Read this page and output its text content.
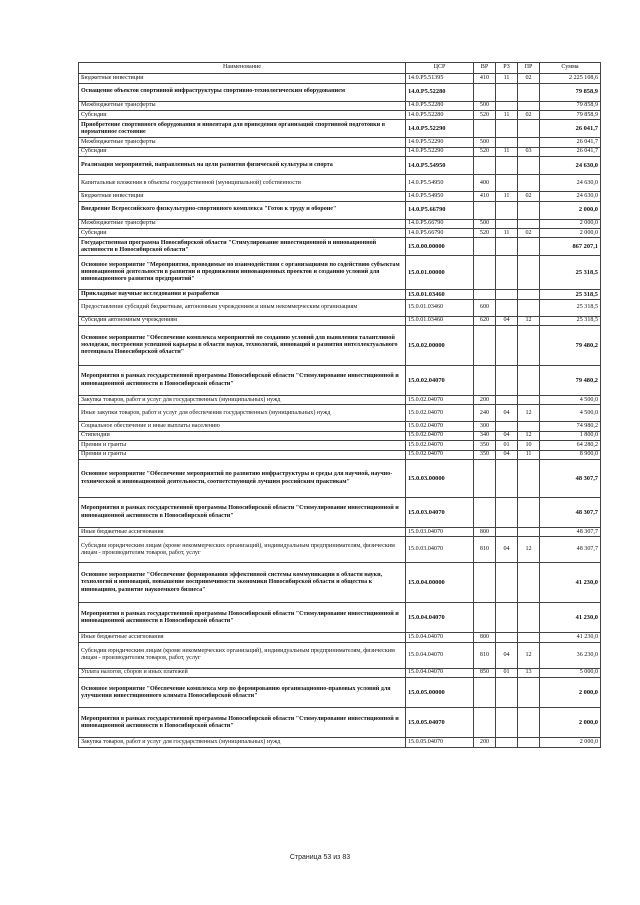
Наименование	ЦСР	ВР	РЗ	ПР	Сумма
Бюджетные инвестиции	14.0.P5.51395	410	11	02	2 225 108,6
Оснащение объектов спортивной инфраструктуры спортивно-технологическим оборудованием	14.0.P5.52280				79 858,9
Межбюджетные трансферты	14.0.P5.52280	500			79 858,9
Субсидии	14.0.P5.52280	520	11	02	79 858,9
Приобретение спортивного оборудования и инвентаря для приведения организаций спортивной подготовки в нормативное состояние	14.0.P5.52290				26 041,7
Межбюджетные трансферты	14.0.P5.52290	500			26 041,7
Субсидии	14.0.P5.52290	520	11	03	26 041,7
Реализация мероприятий, направленных на цели развития физической культуры и спорта	14.0.P5.54950				24 630,0
Капитальные вложения в объекты государственной (муниципальной) собственности	14.0.P5.54950	400			24 630,0
Бюджетные инвестиции	14.0.P5.54950	410	11	02	24 630,0
Внедрение Всероссийского физкультурно-спортивного комплекса "Готов к труду и обороне"	14.0.P5.66790				2 000,0
Межбюджетные трансферты	14.0.P5.66790	500			2 000,0
Субсидии	14.0.P5.66790	520	11	02	2 000,0
Государственная программа Новосибирской области "Стимулирование инвестиционной и инновационной активности в Новосибирской области"	15.0.00.00000				867 207,1
Основное мероприятие "Мероприятия, проводимые во взаимодействии с организациями по содействию субъектам инновационной деятельности в развитии и продвижении инновационных проектов и созданию условий для инновационного развития предприятий"	15.0.01.00000				25 318,5
Прикладные научные исследования и разработки	15.0.01.03460				25 318,5
Предоставление субсидий бюджетным, автономным учреждениям и иным некоммерческим организациям	15.0.01.03460	600			25 318,5
Субсидии автономным учреждениям	15.0.01.03460	620	04	12	25 318,5
Основное мероприятие "Обеспечение комплекса мероприятий по созданию условий для выявления талантливой молодежи, построения успешной карьеры в области науки, технологий, инноваций и развития интеллектуального потенциала Новосибирской области"	15.0.02.00000				79 480,2
Мероприятия в рамках государственной программы Новосибирской области "Стимулирование инвестиционной и инновационной активности в Новосибирской области"	15.0.02.04070				79 480,2
Закупка товаров, работ и услуг для государственных (муниципальных) нужд	15.0.02.04070	200			4 500,0
Иные закупки товаров, работ и услуг для обеспечения государственных (муниципальных) нужд	15.0.02.04070	240	04	12	4 500,0
Социальное обеспечение и иные выплаты населению	15.0.02.04070	300			74 980,2
Стипендии	15.0.02.04070	340	04	12	1 800,0
Премии и гранты	15.0.02.04070	350	01	10	64 280,2
Премии и гранты	15.0.02.04070	350	04	11	8 900,0
Основное мероприятие "Обеспечение мероприятий по развитию инфраструктуры и среды для научной, научно-технической и инновационной деятельности, соответствующей лучшим российским практикам"	15.0.03.00000				48 307,7
Мероприятия в рамках государственной программы Новосибирской области "Стимулирование инвестиционной и инновационной активности в Новосибирской области"	15.0.03.04070				48 307,7
Иные бюджетные ассигнования	15.0.03.04070	800			48 307,7
Субсидии юридическим лицам (кроме некоммерческих организаций), индивидуальным предпринимателям, физическим лицам - производителям товаров, работ, услуг	15.0.03.04070	810	04	12	48 307,7
Основное мероприятие "Обеспечение формирования эффективной системы коммуникации в области науки, технологий и инноваций, повышение восприимчивости экономики Новосибирской области и общества к инновациям, развитие наукоемкого бизнеса"	15.0.04.00000				41 230,0
Мероприятия в рамках государственной программы Новосибирской области "Стимулирование инвестиционной и инновационной активности в Новосибирской области"	15.0.04.04070				41 230,0
Иные бюджетные ассигнования	15.0.04.04070	800			41 230,0
Субсидии юридическим лицам (кроме некоммерческих организаций), индивидуальным предпринимателям, физическим лицам - производителям товаров, работ, услуг	15.0.04.04070	810	04	12	36 230,0
Уплата налогов, сборов и иных платежей	15.0.04.04070	850	01	13	5 000,0
Основное мероприятие "Обеспечение комплекса мер по формированию организационно-правовых условий для улучшения инвестиционного климата Новосибирской области"	15.0.05.00000				2 000,0
Мероприятия в рамках государственной программы Новосибирской области "Стимулирование инвестиционной и инновационной активности в Новосибирской области"	15.0.05.04070				2 000,0
Закупка товаров, работ и услуг для государственных (муниципальных) нужд	15.0.05.04070	200			2 000,0
Страница 53 из 83
